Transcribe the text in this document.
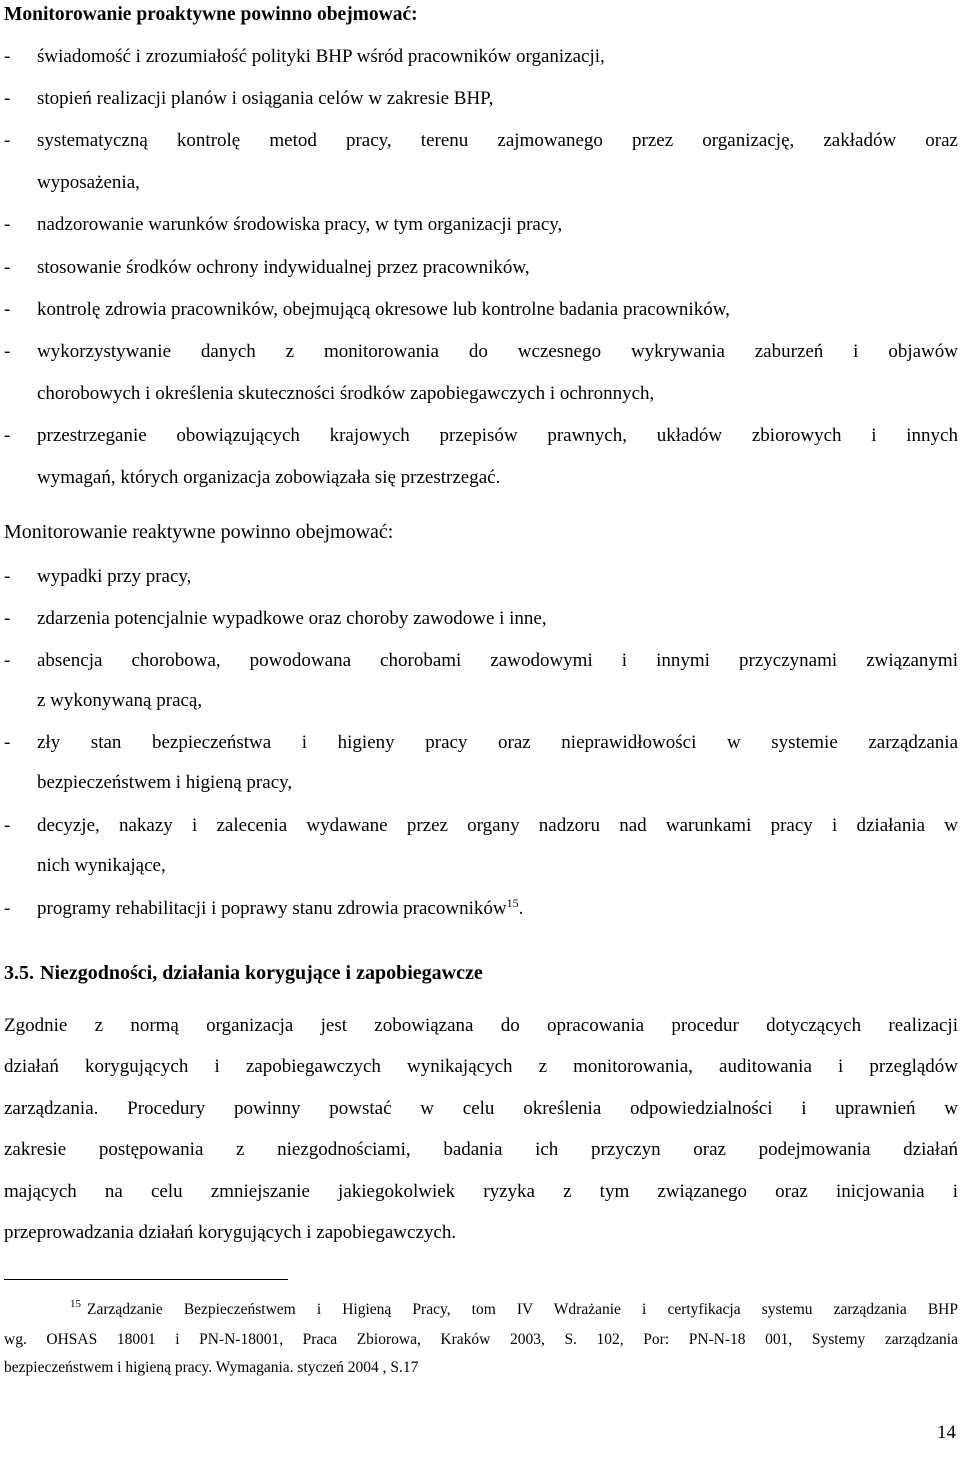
Monitorowanie proaktywne powinno obejmować:
- świadomość i zrozumiałość polityki BHP wśród pracowników organizacji,
- stopień realizacji planów i osiągania celów w zakresie BHP,
- systematyczną kontrolę metod pracy, terenu zajmowanego przez organizację, zakładów oraz
wyposażenia,
- nadzorowanie warunków środowiska pracy, w tym organizacji pracy,
- stosowanie środków ochrony indywidualnej przez pracowników,
- kontrolę zdrowia pracowników, obejmującą okresowe lub kontrolne badania pracowników,
- wykorzystywanie danych z monitorowania do wczesnego wykrywania zaburzeń i objawów
chorobowych i określenia skuteczności środków zapobiegawczych i ochronnych,
- przestrzeganie obowiązujących krajowych przepisów prawnych, układów zbiorowych i innych
wymagań, których organizacja zobowiązała się przestrzegać.
Monitorowanie reaktywne powinno obejmować:
- wypadki przy pracy,
- zdarzenia potencjalnie wypadkowe oraz choroby zawodowe i inne,
- absencja chorobowa, powodowana chorobami zawodowymi i innymi przyczynami związanymi
z wykonywaną pracą,
- zły stan bezpieczeństwa i higieny pracy oraz nieprawidłowości w systemie zarządzania
bezpieczeństwem i higieną pracy,
- decyzje, nakazy i zalecenia wydawane przez organy nadzoru nad warunkami pracy i działania w
nich wynikające,
- programy rehabilitacji i poprawy stanu zdrowia pracowników$^{15}$.
3.5. Niezgodności, działania korygujące i zapobiegawcze
Zgodnie z normą organizacja jest zobowiązana do opracowania procedur dotyczących realizacji
działań korygujących i zapobiegawczych wynikających z monitorowania, auditowania i przeglądów
zarządzania. Procedury powinny powstać w celu określenia odpowiedzialności i uprawnień w
zakresie postępowania z niezgodnościami, badania ich przyczyn oraz podejmowania działań
mających na celu zmniejszanie jakiegokolwiek ryzyka z tym związanego oraz inicjowania i
przeprowadzania działań korygujących i zapobiegawczych.
$^{15}$ Zarządzanie Bezpieczeństwem i Higieną Pracy, tom IV Wdrażanie i certyfikacja systemu zarządzania BHP
wg. OHSAS 18001 i PN-N-18001, Praca Zbiorowa, Kraków 2003, S. 102, Por: PN-N-18 001, Systemy zarządzania
bezpieczeństwem i higieną pracy. Wymagania. styczeń 2004 , S.17
14
